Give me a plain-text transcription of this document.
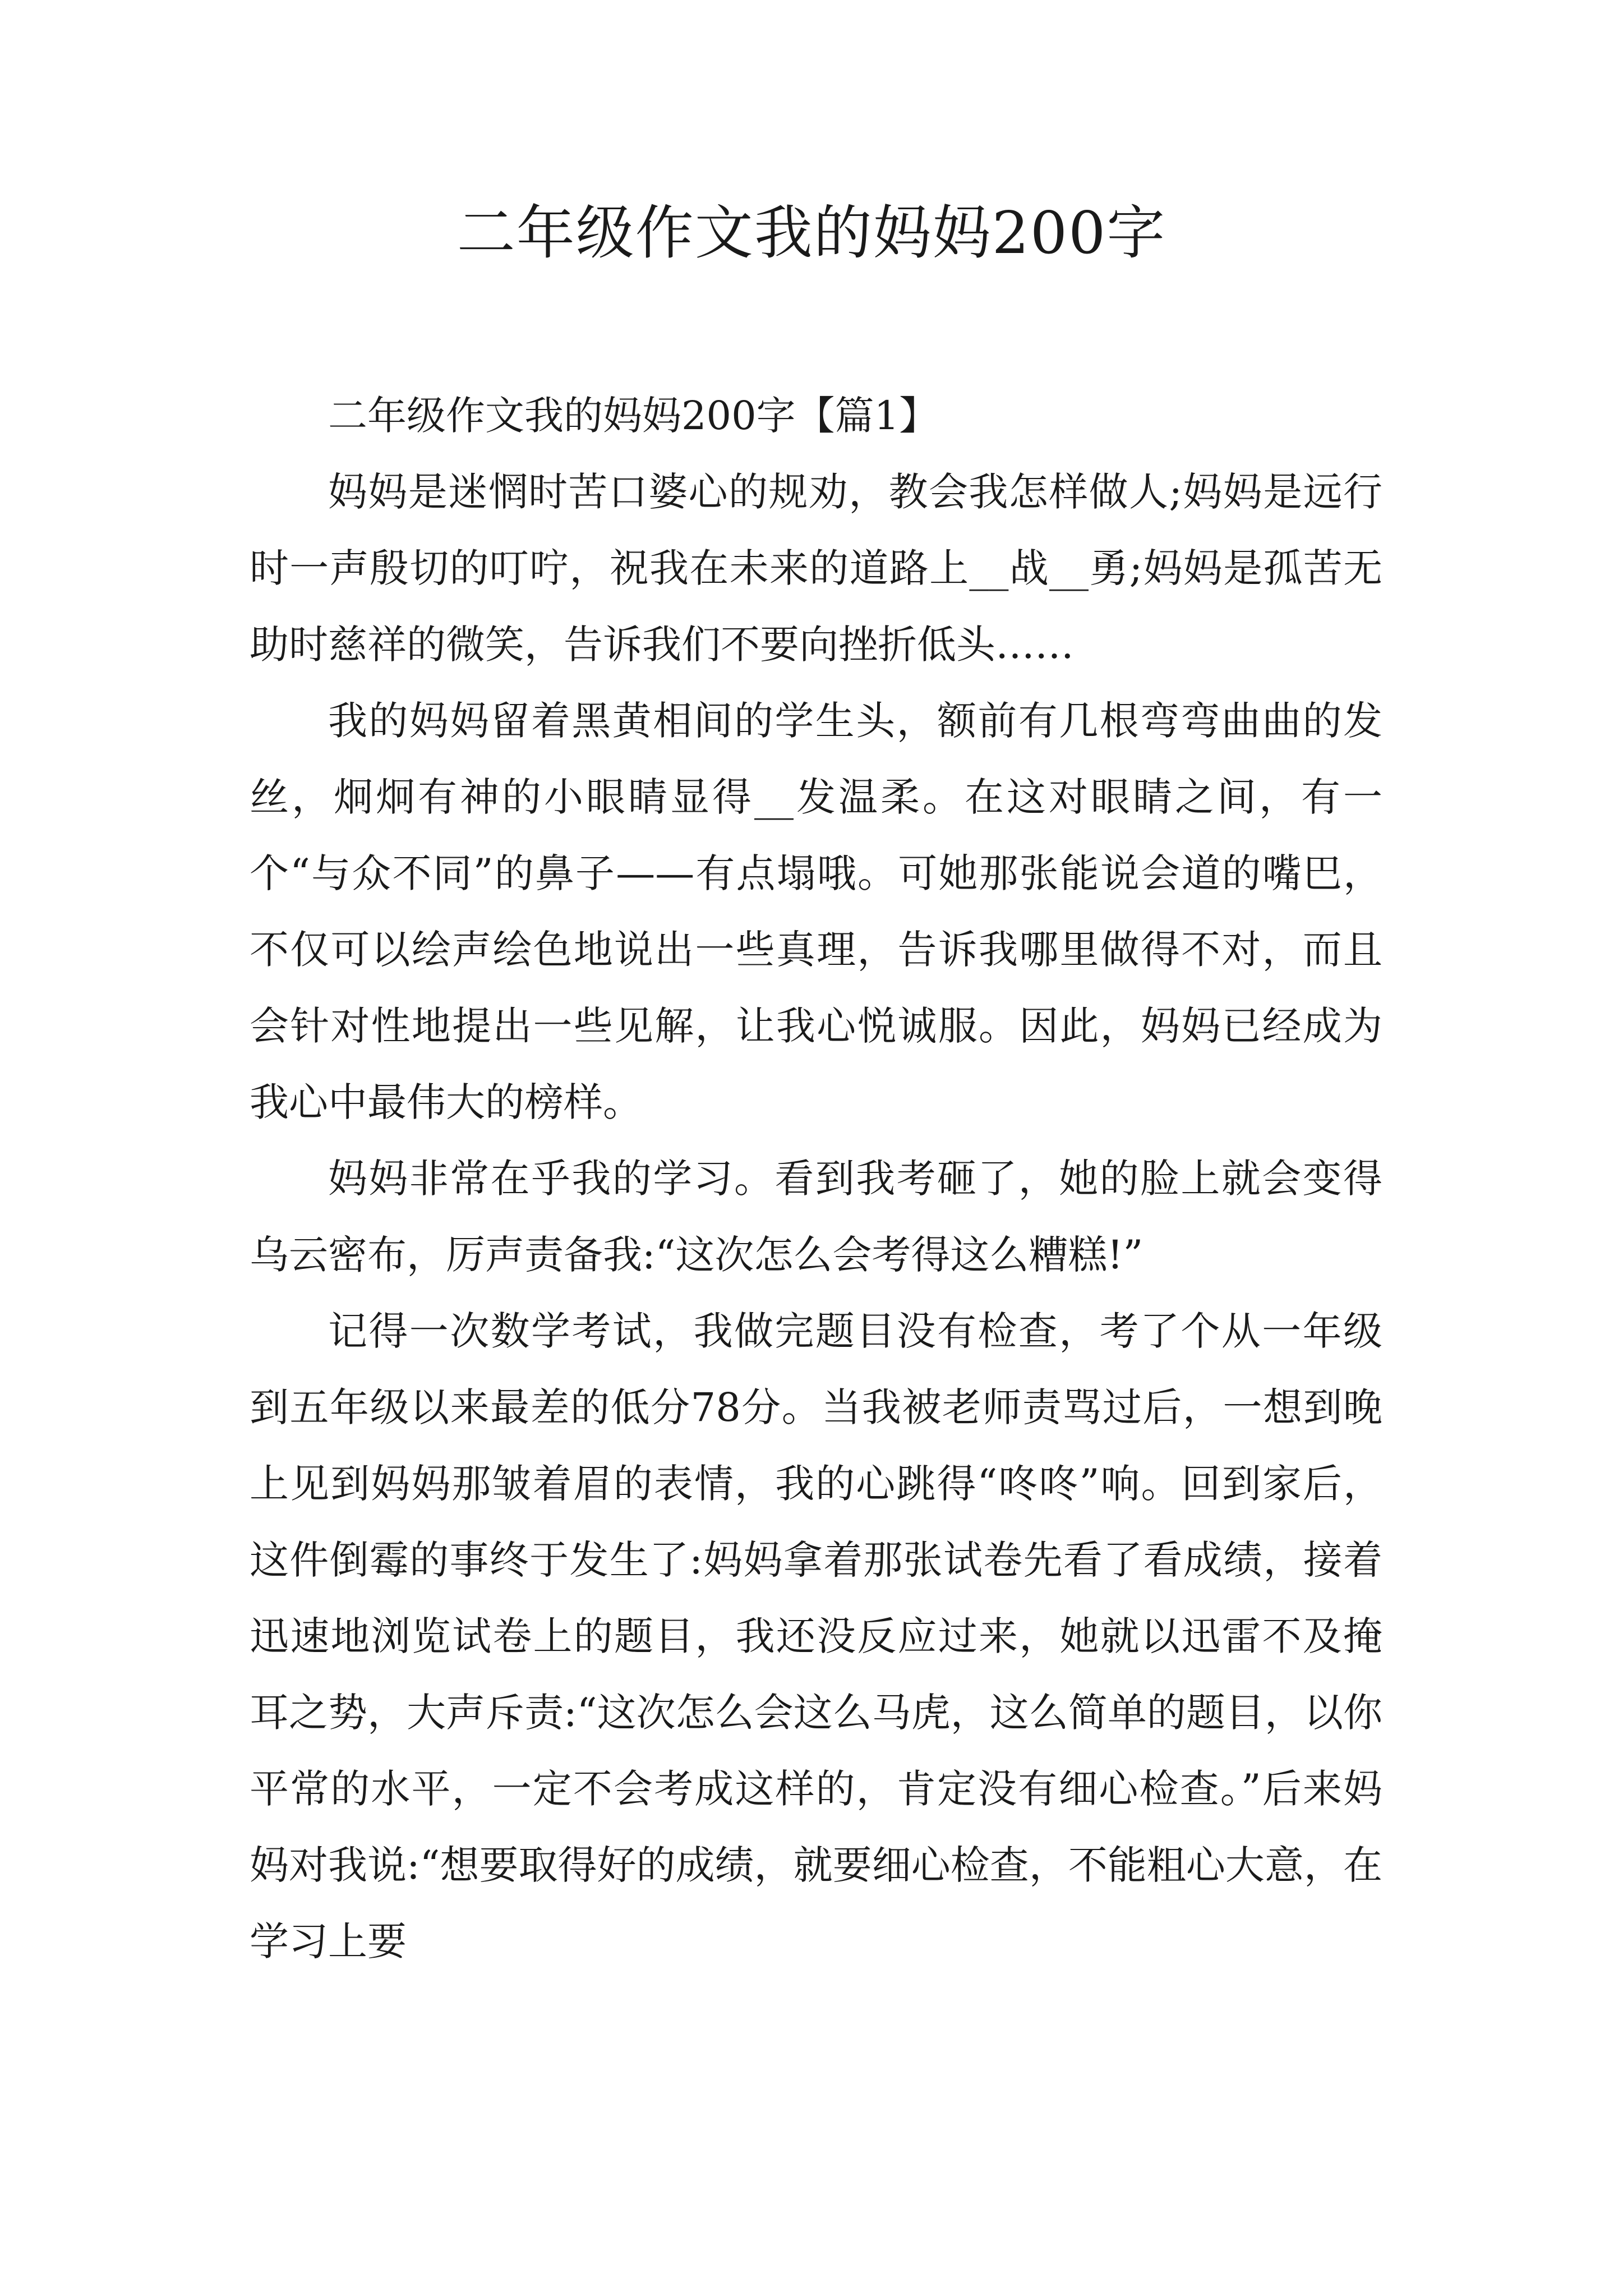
二年级作文我的妈妈200字

二年级作文我的妈妈200字【篇1】

妈妈是迷惘时苦口婆心的规劝，教会我怎样做人;妈妈是远行时一声殷切的叮咛，祝我在未来的道路上__战__勇;妈妈是孤苦无助时慈祥的微笑，告诉我们不要向挫折低头……

我的妈妈留着黑黄相间的学生头，额前有几根弯弯曲曲的发丝，炯炯有神的小眼睛显得__发温柔。在这对眼睛之间，有一个“与众不同”的鼻子——有点塌哦。可她那张能说会道的嘴巴，不仅可以绘声绘色地说出一些真理，告诉我哪里做得不对，而且会针对性地提出一些见解，让我心悦诚服。因此，妈妈已经成为我心中最伟大的榜样。

妈妈非常在乎我的学习。看到我考砸了，她的脸上就会变得乌云密布，厉声责备我:“这次怎么会考得这么糟糕!”

记得一次数学考试，我做完题目没有检查，考了个从一年级到五年级以来最差的低分78分。当我被老师责骂过后，一想到晚上见到妈妈那皱着眉的表情，我的心跳得“咚咚”响。回到家后，这件倒霉的事终于发生了:妈妈拿着那张试卷先看了看成绩，接着迅速地浏览试卷上的题目，我还没反应过来，她就以迅雷不及掩耳之势，大声斥责:“这次怎么会这么马虎，这么简单的题目，以你平常的水平，一定不会考成这样的，肯定没有细心检查。”后来妈妈对我说:“想要取得好的成绩，就要细心检查，不能粗心大意，在学习上要
